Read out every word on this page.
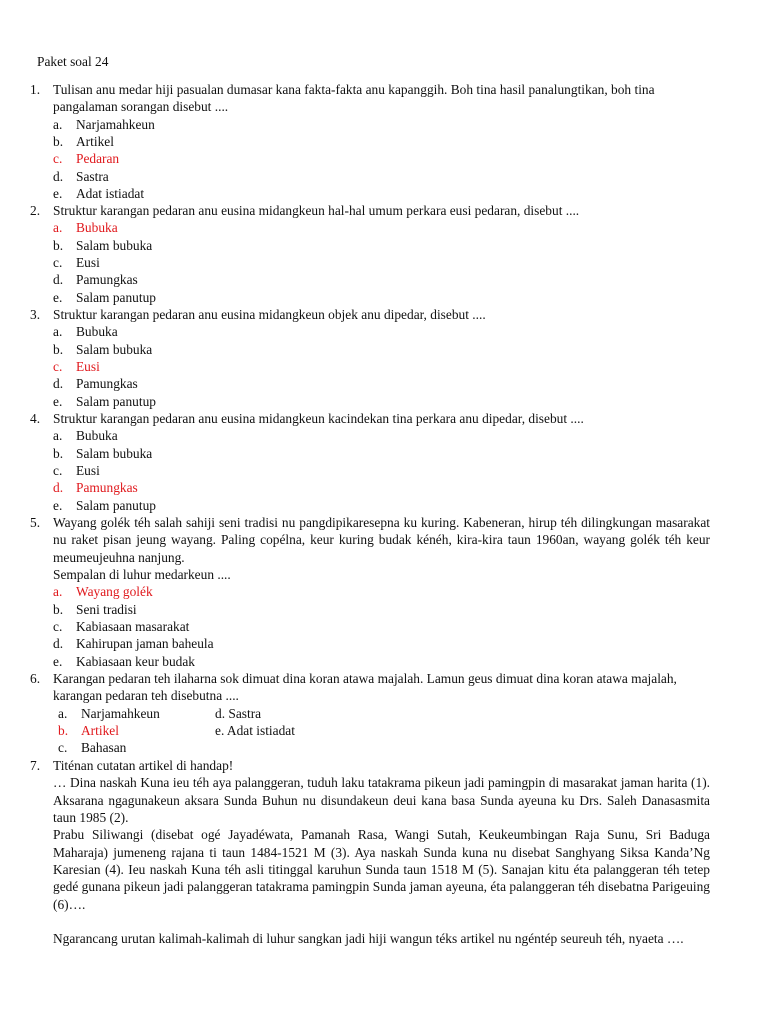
Paket soal 24
1. Tulisan anu medar hiji pasualan dumasar kana fakta-fakta anu kapanggih. Boh tina hasil panalungtikan, boh tina pangalaman sorangan disebut ....
a. Narjamahkeun
b. Artikel
c. Pedaran
d. Sastra
e. Adat istiadat
2. Struktur karangan pedaran anu eusina midangkeun hal-hal umum perkara eusi pedaran, disebut ....
a. Bubuka
b. Salam bubuka
c. Eusi
d. Pamungkas
e. Salam panutup
3. Struktur karangan pedaran anu eusina midangkeun objek anu dipedar, disebut ....
a. Bubuka
b. Salam bubuka
c. Eusi
d. Pamungkas
e. Salam panutup
4. Struktur karangan pedaran anu eusina midangkeun kacindekan tina perkara anu dipedar, disebut ....
a. Bubuka
b. Salam bubuka
c. Eusi
d. Pamungkas
e. Salam panutup
5. Wayang golék téh salah sahiji seni tradisi nu pangdipikaresepna ku kuring. Kabeneran, hirup téh dilingkungan masarakat nu raket pisan jeung wayang. Paling copélna, keur kuring budak kénéh, kira-kira taun 1960an, wayang golék téh keur meumeujeuhna nanjung.
Sempalan di luhur medarkeun ....
a. Wayang golék
b. Seni tradisi
c. Kabiasaan masarakat
d. Kahirupan jaman baheula
e. Kabiasaan keur budak
6. Karangan pedaran teh ilaharna sok dimuat dina koran atawa majalah. Lamun geus dimuat dina koran atawa majalah, karangan pedaran teh disebutna ....
a. Narjamahkeun	d. Sastra
b. Artikel	e. Adat istiadat
c. Bahasan
7. Titénan cutatan artikel di handap!
… Dina naskah Kuna ieu téh aya palanggeran, tuduh laku tatakrama pikeun jadi pamingpin di masarakat jaman harita (1). Aksarana ngagunakeun aksara Sunda Buhun nu disundakeun deui kana basa Sunda ayeuna ku Drs. Saleh Danasasmita taun 1985 (2).
Prabu Siliwangi (disebat ogé Jayadéwata, Pamanah Rasa, Wangi Sutah, Keukeumbingan Raja Sunu, Sri Baduga Maharaja) jumeneng rajana ti taun 1484-1521 M (3). Aya naskah Sunda kuna nu disebat Sanghyang Siksa Kanda’Ng Karesian (4). Ieu naskah Kuna téh asli titinggal karuhun Sunda taun 1518 M (5). Sanajan kitu éta palanggeran téh tetep gedé gunana pikeun jadi palanggeran tatakrama pamingpin Sunda jaman ayeuna, éta palanggeran téh disebatna Parigeuing (6)….
Ngarancang urutan kalimah-kalimah di luhur sangkan jadi hiji wangun téks artikel nu ngéntép seureuh téh, nyaeta ….
